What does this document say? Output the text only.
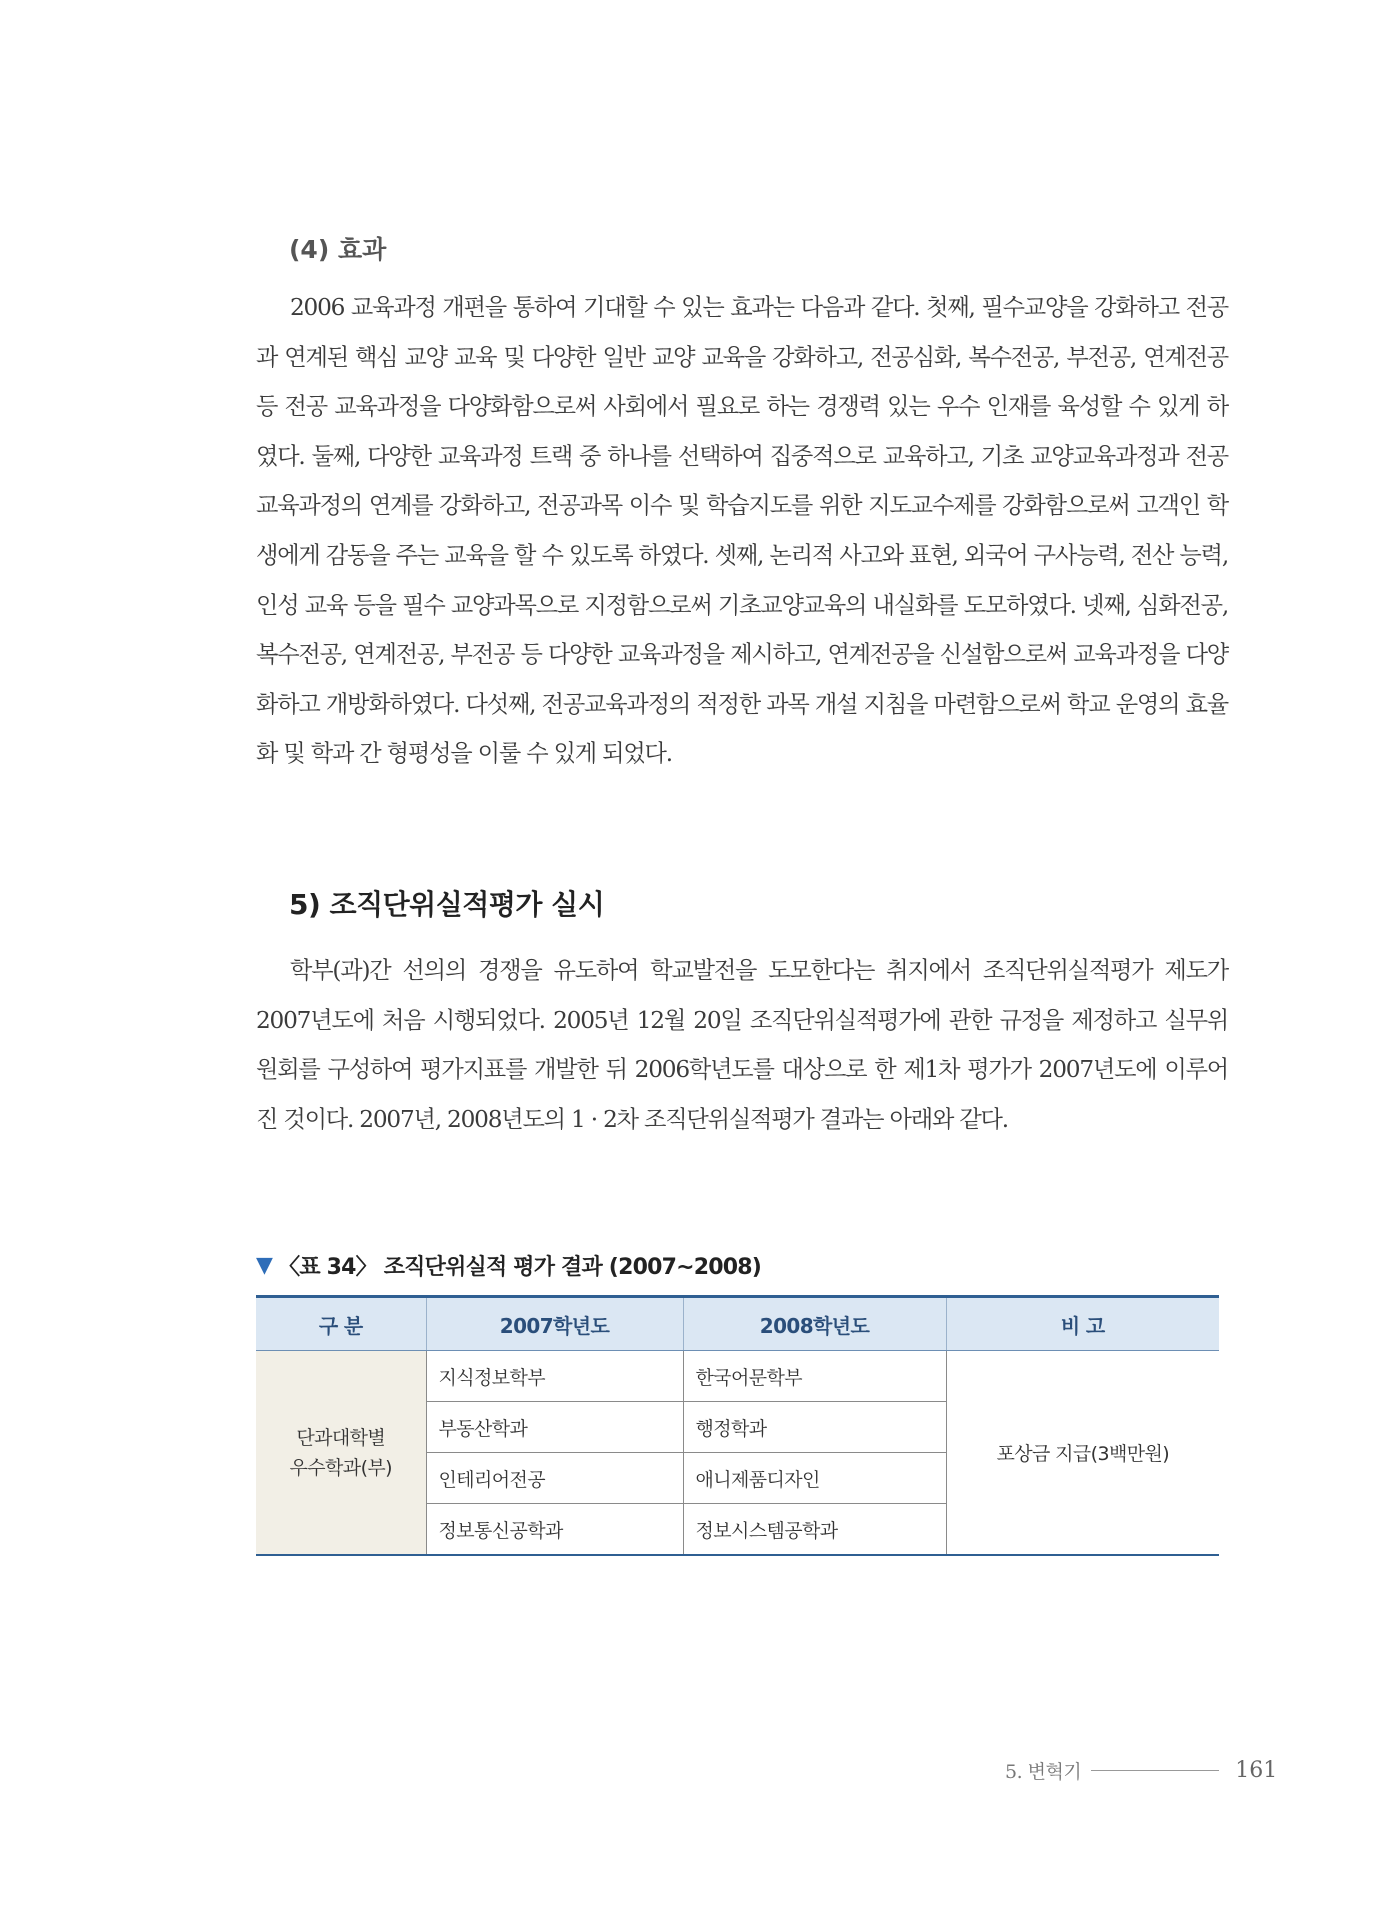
(4) 효과

2006 교육과정 개편을 통하여 기대할 수 있는 효과는 다음과 같다. 첫째, 필수교양을 강화하고 전공과 연계된 핵심 교양 교육 및 다양한 일반 교양 교육을 강화하고, 전공심화, 복수전공, 부전공, 연계전공 등 전공 교육과정을 다양화함으로써 사회에서 필요로 하는 경쟁력 있는 우수 인재를 육성할 수 있게 하였다. 둘째, 다양한 교육과정 트랙 중 하나를 선택하여 집중적으로 교육하고, 기초 교양교육과정과 전공교육과정의 연계를 강화하고, 전공과목 이수 및 학습지도를 위한 지도교수제를 강화함으로써 고객인 학생에게 감동을 주는 교육을 할 수 있도록 하였다. 셋째, 논리적 사고와 표현, 외국어 구사능력, 전산 능력, 인성 교육 등을 필수 교양과목으로 지정함으로써 기초교양교육의 내실화를 도모하였다. 넷째, 심화전공, 복수전공, 연계전공, 부전공 등 다양한 교육과정을 제시하고, 연계전공을 신설함으로써 교육과정을 다양화하고 개방화하였다. 다섯째, 전공교육과정의 적정한 과목 개설 지침을 마련함으로써 학교 운영의 효율화 및 학과 간 형평성을 이룰 수 있게 되었다.

5) 조직단위실적평가 실시

학부(과)간 선의의 경쟁을 유도하여 학교발전을 도모한다는 취지에서 조직단위실적평가 제도가 2007년도에 처음 시행되었다. 2005년 12월 20일 조직단위실적평가에 관한 규정을 제정하고 실무위원회를 구성하여 평가지표를 개발한 뒤 2006학년도를 대상으로 한 제1차 평가가 2007년도에 이루어진 것이다. 2007년, 2008년도의 1 · 2차 조직단위실적평가 결과는 아래와 같다.

▼ 〈표 34〉 조직단위실적 평가 결과 (2007~2008)
구 분	2007학년도	2008학년도	비 고
단과대학별
우수학과(부)	지식정보학부	한국어문학부	포상금 지급(3백만원)
	부동산학과	행정학과	
	인테리어전공	애니제품디자인	
	정보통신공학과	정보시스템공학과	
5. 변혁기	161
